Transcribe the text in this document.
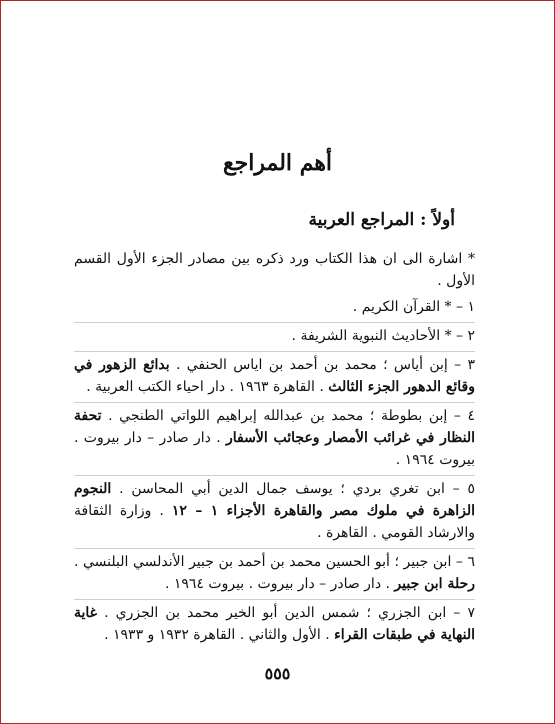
أهم المراجع
أولاً : المراجع العربية

* اشارة الى ان هذا الكتاب ورد ذكره بين مصادر الجزء الأول القسم الأول .

١ – * القرآن الكريم .
٢ – * الأحاديث النبوية الشريفة .
٣ – إبن أياس ؛ محمد بن أحمد بن اياس الحنفي . بدائع الزهور في وقائع الدهور الجزء الثالث . القاهرة ١٩٦٣ . دار احياء الكتب العربية .
٤ – إبن بطوطة ؛ محمد بن عبدالله إبراهيم اللواتي الطنجي . تحفة النظار في غرائب الأمصار وعجائب الأسفار . دار صادر – دار بيروت . بيروت ١٩٦٤ .
٥ – ابن تغري بردي ؛ يوسف جمال الدين أبي المحاسن . النجوم الزاهرة في ملوك مصر والقاهرة الأجزاء ١ – ١٢ . وزارة الثقافة والارشاد القومي . القاهرة .
٦ – ابن جبير ؛ أبو الحسين محمد بن أحمد بن جبير الأندلسي البلنسي . رحلة ابن جبير . دار صادر – دار بيروت . بيروت ١٩٦٤ .
٧ – ابن الجزري ؛ شمس الدين أبو الخير محمد بن الجزري . غاية النهاية في طبقات القراء . الأول والثاني . القاهرة ١٩٣٢ و ١٩٣٣ .

٥٥٥
